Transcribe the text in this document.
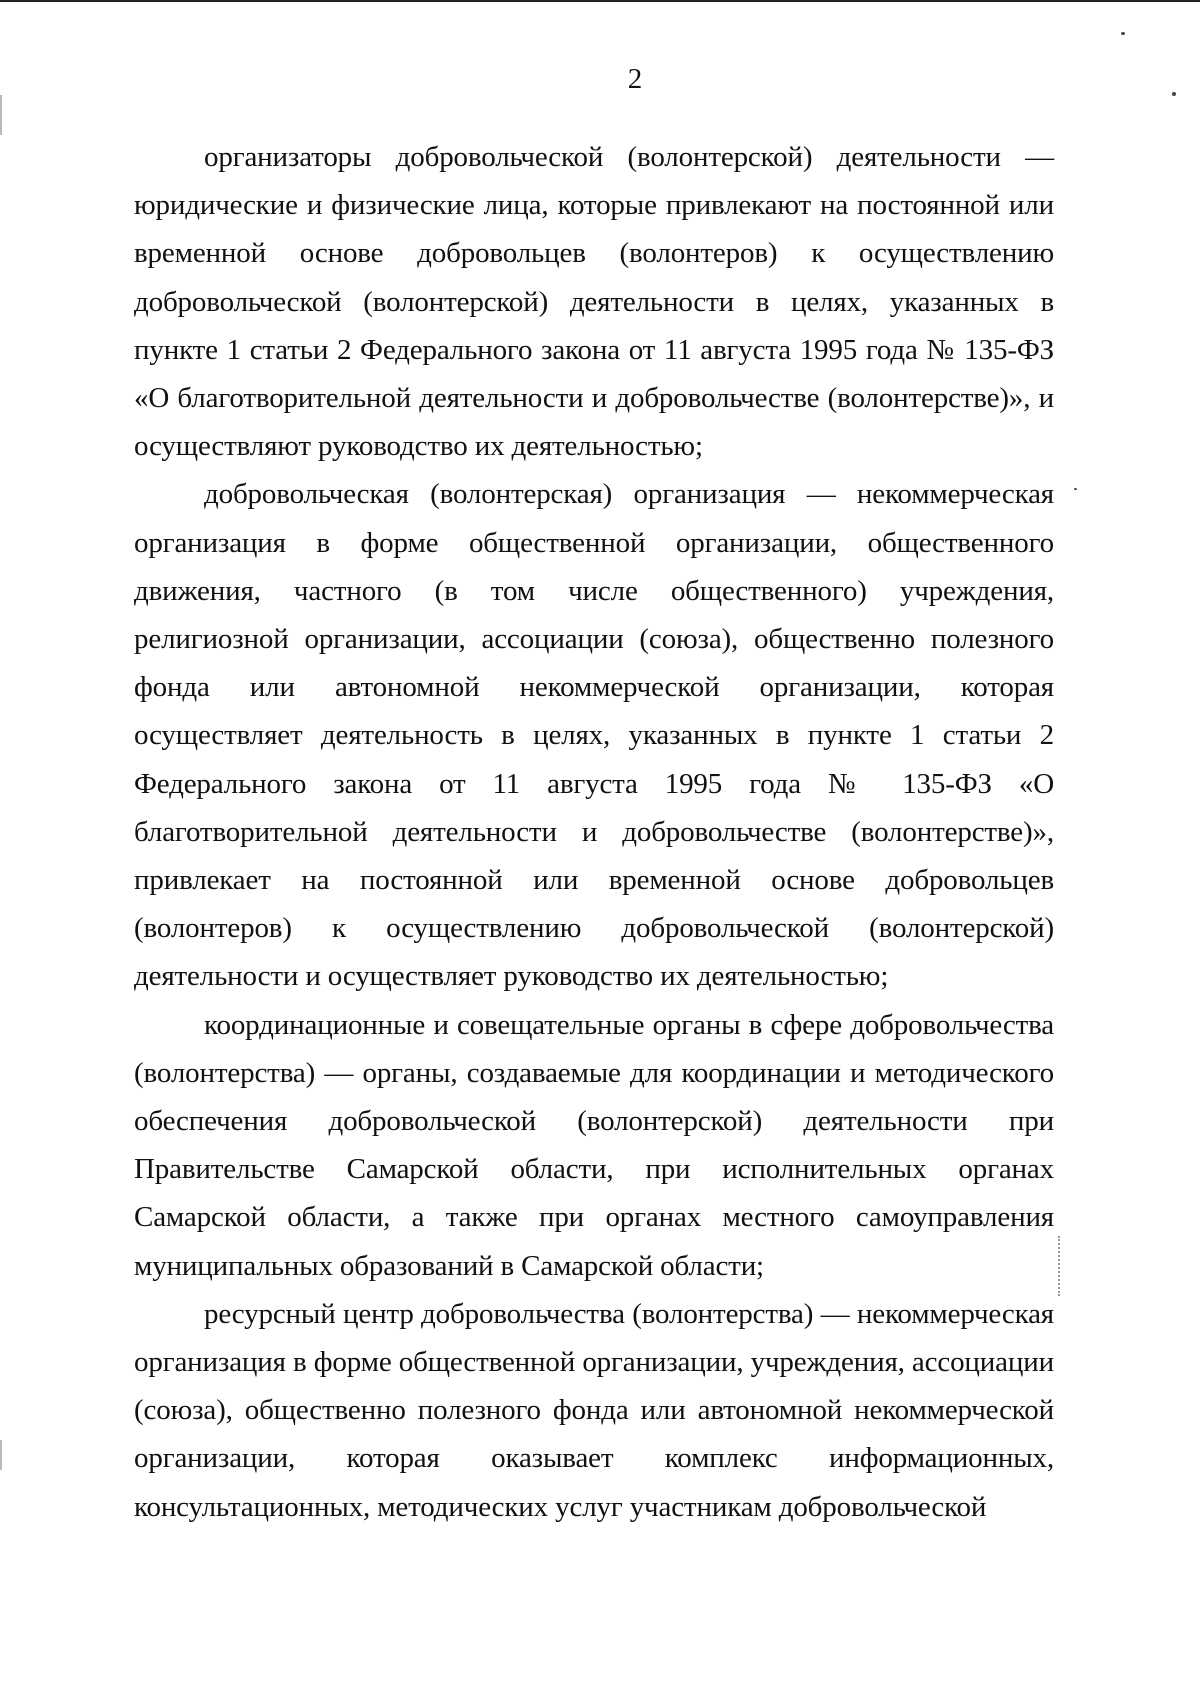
2

организаторы добровольческой (волонтерской) деятельности — юридические и физические лица, которые привлекают на постоянной или временной основе добровольцев (волонтеров) к осуществлению добровольческой (волонтерской) деятельности в целях, указанных в пункте 1 статьи 2 Федерального закона от 11 августа 1995 года № 135-ФЗ «О благотворительной деятельности и добровольчестве (волонтерстве)», и осуществляют руководство их деятельностью;

добровольческая (волонтерская) организация — некоммерческая организация в форме общественной организации, общественного движения, частного (в том числе общественного) учреждения, религиозной организации, ассоциации (союза), общественно полезного фонда или автономной некоммерческой организации, которая осуществляет деятельность в целях, указанных в пункте 1 статьи 2 Федерального закона от 11 августа 1995 года № 135-ФЗ «О благотворительной деятельности и добровольчестве (волонтерстве)», привлекает на постоянной или временной основе добровольцев (волонтеров) к осуществлению добровольческой (волонтерской) деятельности и осуществляет руководство их деятельностью;

координационные и совещательные органы в сфере добровольчества (волонтерства) — органы, создаваемые для координации и методического обеспечения добровольческой (волонтерской) деятельности при Правительстве Самарской области, при исполнительных органах Самарской области, а также при органах местного самоуправления муниципальных образований в Самарской области;

ресурсный центр добровольчества (волонтерства) — некоммерческая организация в форме общественной организации, учреждения, ассоциации (союза), общественно полезного фонда или автономной некоммерческой организации, которая оказывает комплекс информационных, консультационных, методических услуг участникам добровольческой
